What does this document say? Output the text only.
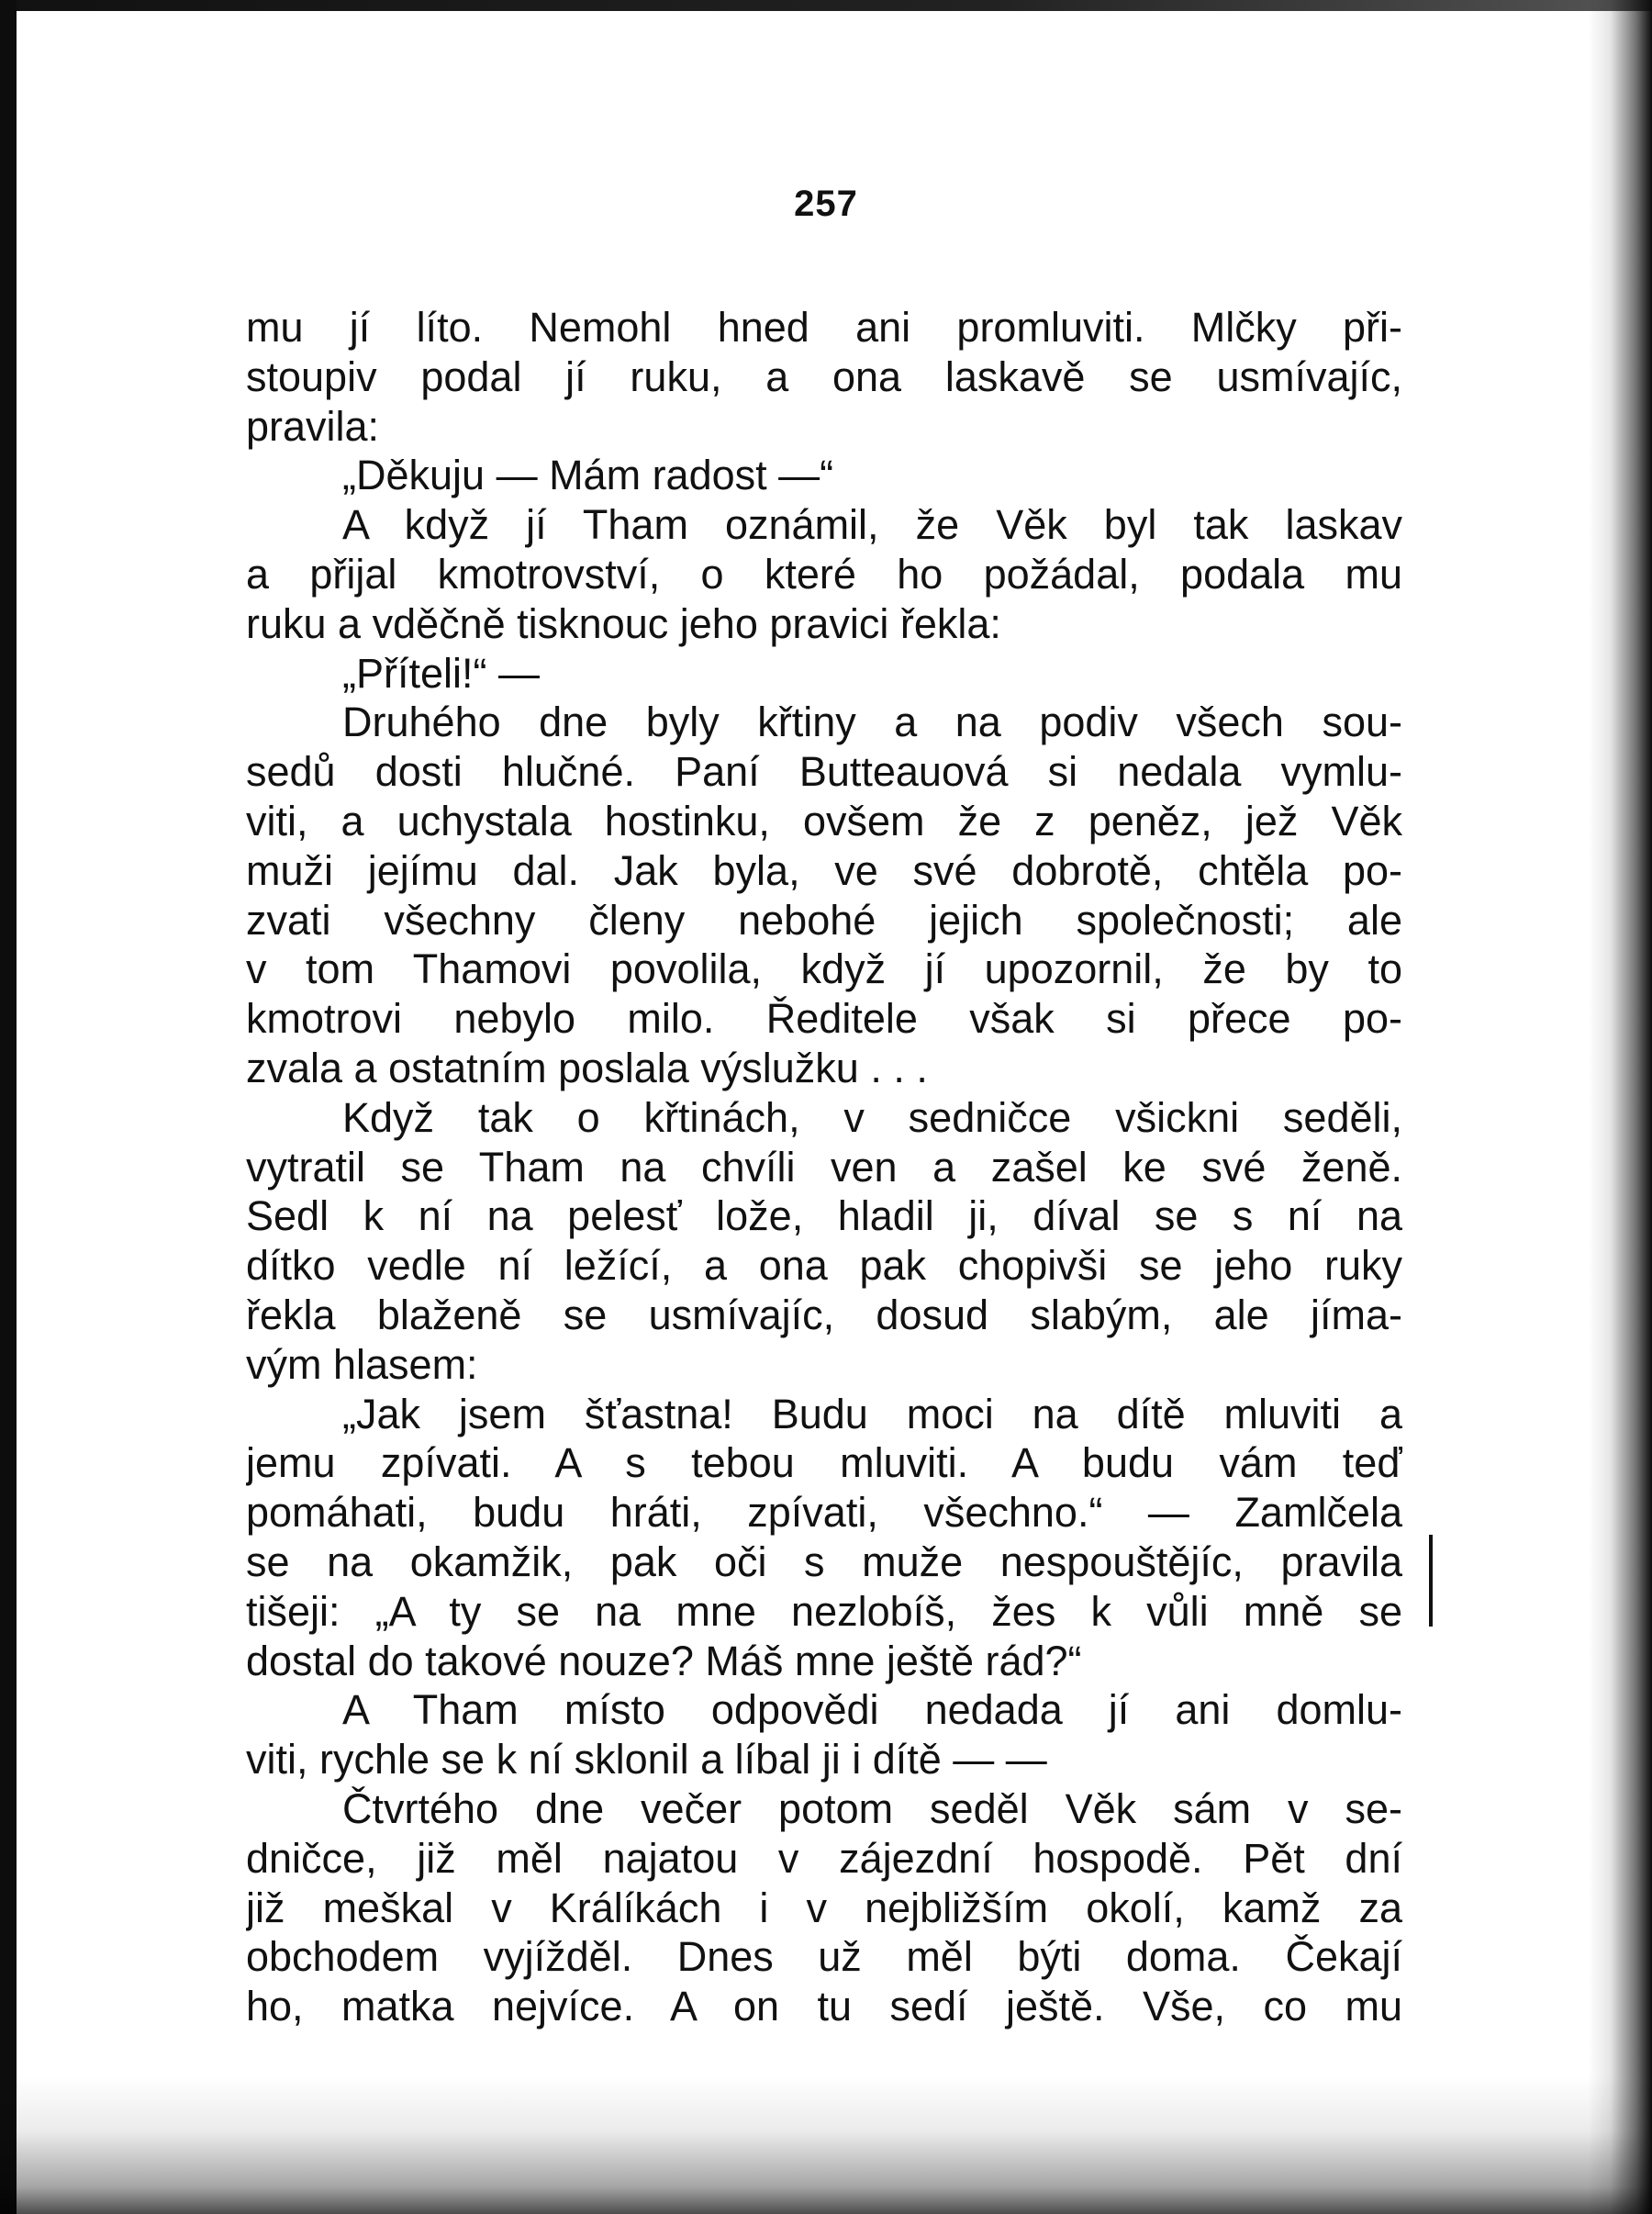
257
mu jí líto. Nemohl hned ani promluviti. Mlčky při-
stoupiv podal jí ruku, a ona laskavě se usmívajíc,
pravila:
„Děkuju — Mám radost —“
A když jí Tham oznámil, že Věk byl tak laskav
a přijal kmotrovství, o které ho požádal, podala mu
ruku a vděčně tisknouc jeho pravici řekla:
„Příteli!“ —
Druhého dne byly křtiny a na podiv všech sou-
sedů dosti hlučné. Paní Butteauová si nedala vymlu-
viti, a uchystala hostinku, ovšem že z peněz, jež Věk
muži jejímu dal. Jak byla, ve své dobrotě, chtěla po-
zvati všechny členy nebohé jejich společnosti; ale
v tom Thamovi povolila, když jí upozornil, že by to
kmotrovi nebylo milo. Ředitele však si přece po-
zvala a ostatním poslala výslužku . . .
Když tak o křtinách, v sedničce všickni seděli,
vytratil se Tham na chvíli ven a zašel ke své ženě.
Sedl k ní na pelesť lože, hladil ji, díval se s ní na
dítko vedle ní ležící, a ona pak chopivši se jeho ruky
řekla blaženě se usmívajíc, dosud slabým, ale jíma-
vým hlasem:
„Jak jsem šťastna! Budu moci na dítě mluviti a
jemu zpívati. A s tebou mluviti. A budu vám teď
pomáhati, budu hráti, zpívati, všechno.“ — Zamlčela
se na okamžik, pak oči s muže nespouštějíc, pravila
tišeji: „A ty se na mne nezlobíš, žes k vůli mně se
dostal do takové nouze? Máš mne ještě rád?“
A Tham místo odpovědi nedada jí ani domlu-
viti, rychle se k ní sklonil a líbal ji i dítě — —
Čtvrtého dne večer potom seděl Věk sám v se-
dničce, již měl najatou v zájezdní hospodě. Pět dní
již meškal v Králíkách i v nejbližším okolí, kamž za
obchodem vyjížděl. Dnes už měl býti doma. Čekají
ho, matka nejvíce. A on tu sedí ještě. Vše, co mu
